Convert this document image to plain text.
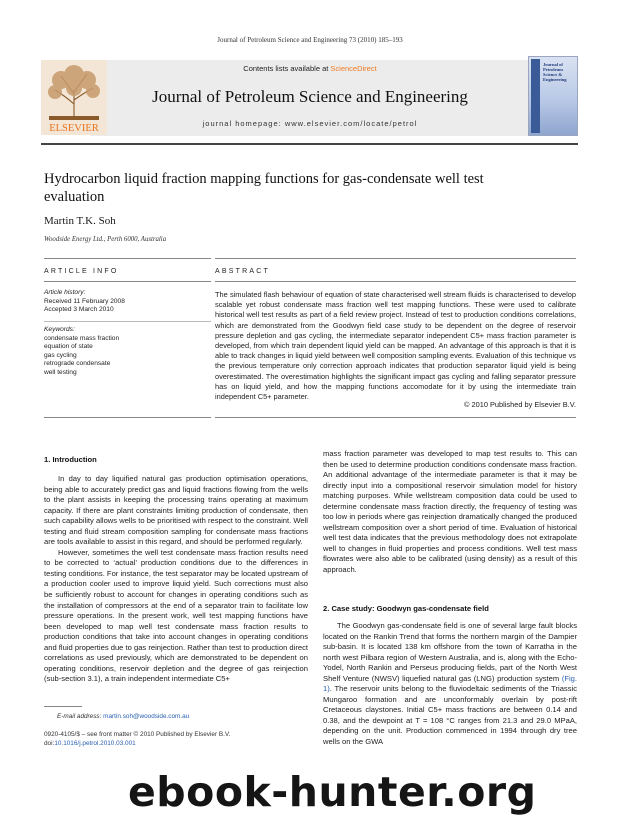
Journal of Petroleum Science and Engineering 73 (2010) 185–193
ELSEVIER
Contents lists available at ScienceDirect
Journal of Petroleum Science and Engineering
journal homepage: www.elsevier.com/locate/petrol
Journal of Petroleum Science & Engineering
Hydrocarbon liquid fraction mapping functions for gas-condensate well test evaluation
Martin T.K. Soh
Woodside Energy Ltd., Perth 6000, Australia
ARTICLE INFO	ABSTRACT
Article history:
Received 11 February 2008
Accepted 3 March 2010
Keywords:
condensate mass fraction
equation of state
gas cycling
retrograde condensate
well testing
The simulated flash behaviour of equation of state characterised well stream fluids is characterised to develop scalable yet robust condensate mass fraction well test mapping functions. These were used to calibrate historical well test results as part of a field review project. Instead of test to production conditions correlations, which are demonstrated from the Goodwyn field case study to be dependent on the degree of reservoir pressure depletion and gas cycling, the intermediate separator independent C5+ mass fraction parameter is developed, from which train dependent liquid yield can be mapped. An advantage of this approach is that it is able to track changes in liquid yield between well composition sampling events. Evaluation of this technique vs the previous temperature only correction approach indicates that production separator liquid yield is being overestimated. The overestimation highlights the significant impact gas cycling and falling separator pressure has on liquid yield, and how the mapping functions accomodate for it by using the intermediate train independent C5+ parameter.
© 2010 Published by Elsevier B.V.
1. Introduction

In day to day liquified natural gas production optimisation operations, being able to accurately predict gas and liquid fractions flowing from the wells to the plant assists in keeping the processing trains operating at maximum capacity. If there are plant constraints limiting production of condensate, then such capability allows wells to be prioritised with respect to the constraint. Well testing and fluid stream composition sampling for condensate mass fractions are tools available to assist in this regard, and should be performed regularly.

However, sometimes the well test condensate mass fraction results need to be corrected to ‘actual’ production conditions due to the differences in testing conditions. For instance, the test separator may be located upstream of a production cooler used to improve liquid yield. Such corrections must also be sufficiently robust to account for changes in operating conditions such as the installation of compressors at the end of a separator train to facilitate low pressure operations. In the present work, well test mapping functions have been developed to map well test condensate mass fraction results to production conditions that take into account changes in operating conditions and fluid properties due to gas reinjection. Rather than test to production direct correlations as used previously, which are demonstrated to be dependent on operating conditions, reservoir depletion and the degree of gas reinjection (sub-section 3.1), a train independent intermediate C5+

mass fraction parameter was developed to map test results to. This can then be used to determine production conditions condensate mass fraction. An additional advantage of the intermediate parameter is that it may be directly input into a compositional reservoir simulation model for history matching purposes. While wellstream composition data could be used to determine condensate mass fraction directly, the frequency of testing was too low in periods where gas reinjection dramatically changed the produced wellstream composition over a short period of time. Evaluation of historical well test data indicates that the previous methodology does not extrapolate well to changes in fluid properties and process conditions. Well test mass flowrates were also able to be calibrated (using density) as a result of this approach.

2. Case study: Goodwyn gas-condensate field

The Goodwyn gas-condensate field is one of several large fault blocks located on the Rankin Trend that forms the northern margin of the Dampier sub-basin. It is located 138 km offshore from the town of Karratha in the north west Pilbara region of Western Australia, and is, along with the Echo-Yodel, North Rankin and Perseus producing fields, part of the North West Shelf Venture (NWSV) liquefied natural gas (LNG) production system (Fig. 1). The reservoir units belong to the fluviodeltaic sediments of the Triassic Mungaroo formation and are unconformably overlain by post-rift Cretaceous claystones. Initial C5+ mass fractions are between 0.14 and 0.38, and the dewpoint at T = 108 °C ranges from 21.3 and 29.0 MPaA, depending on the unit. Production commenced in 1994 through dry tree wells on the GWA

E-mail address: martin.soh@woodside.com.au
0920-4105/$ – see front matter © 2010 Published by Elsevier B.V.
doi:10.1016/j.petrol.2010.03.001
ebook-hunter.org
